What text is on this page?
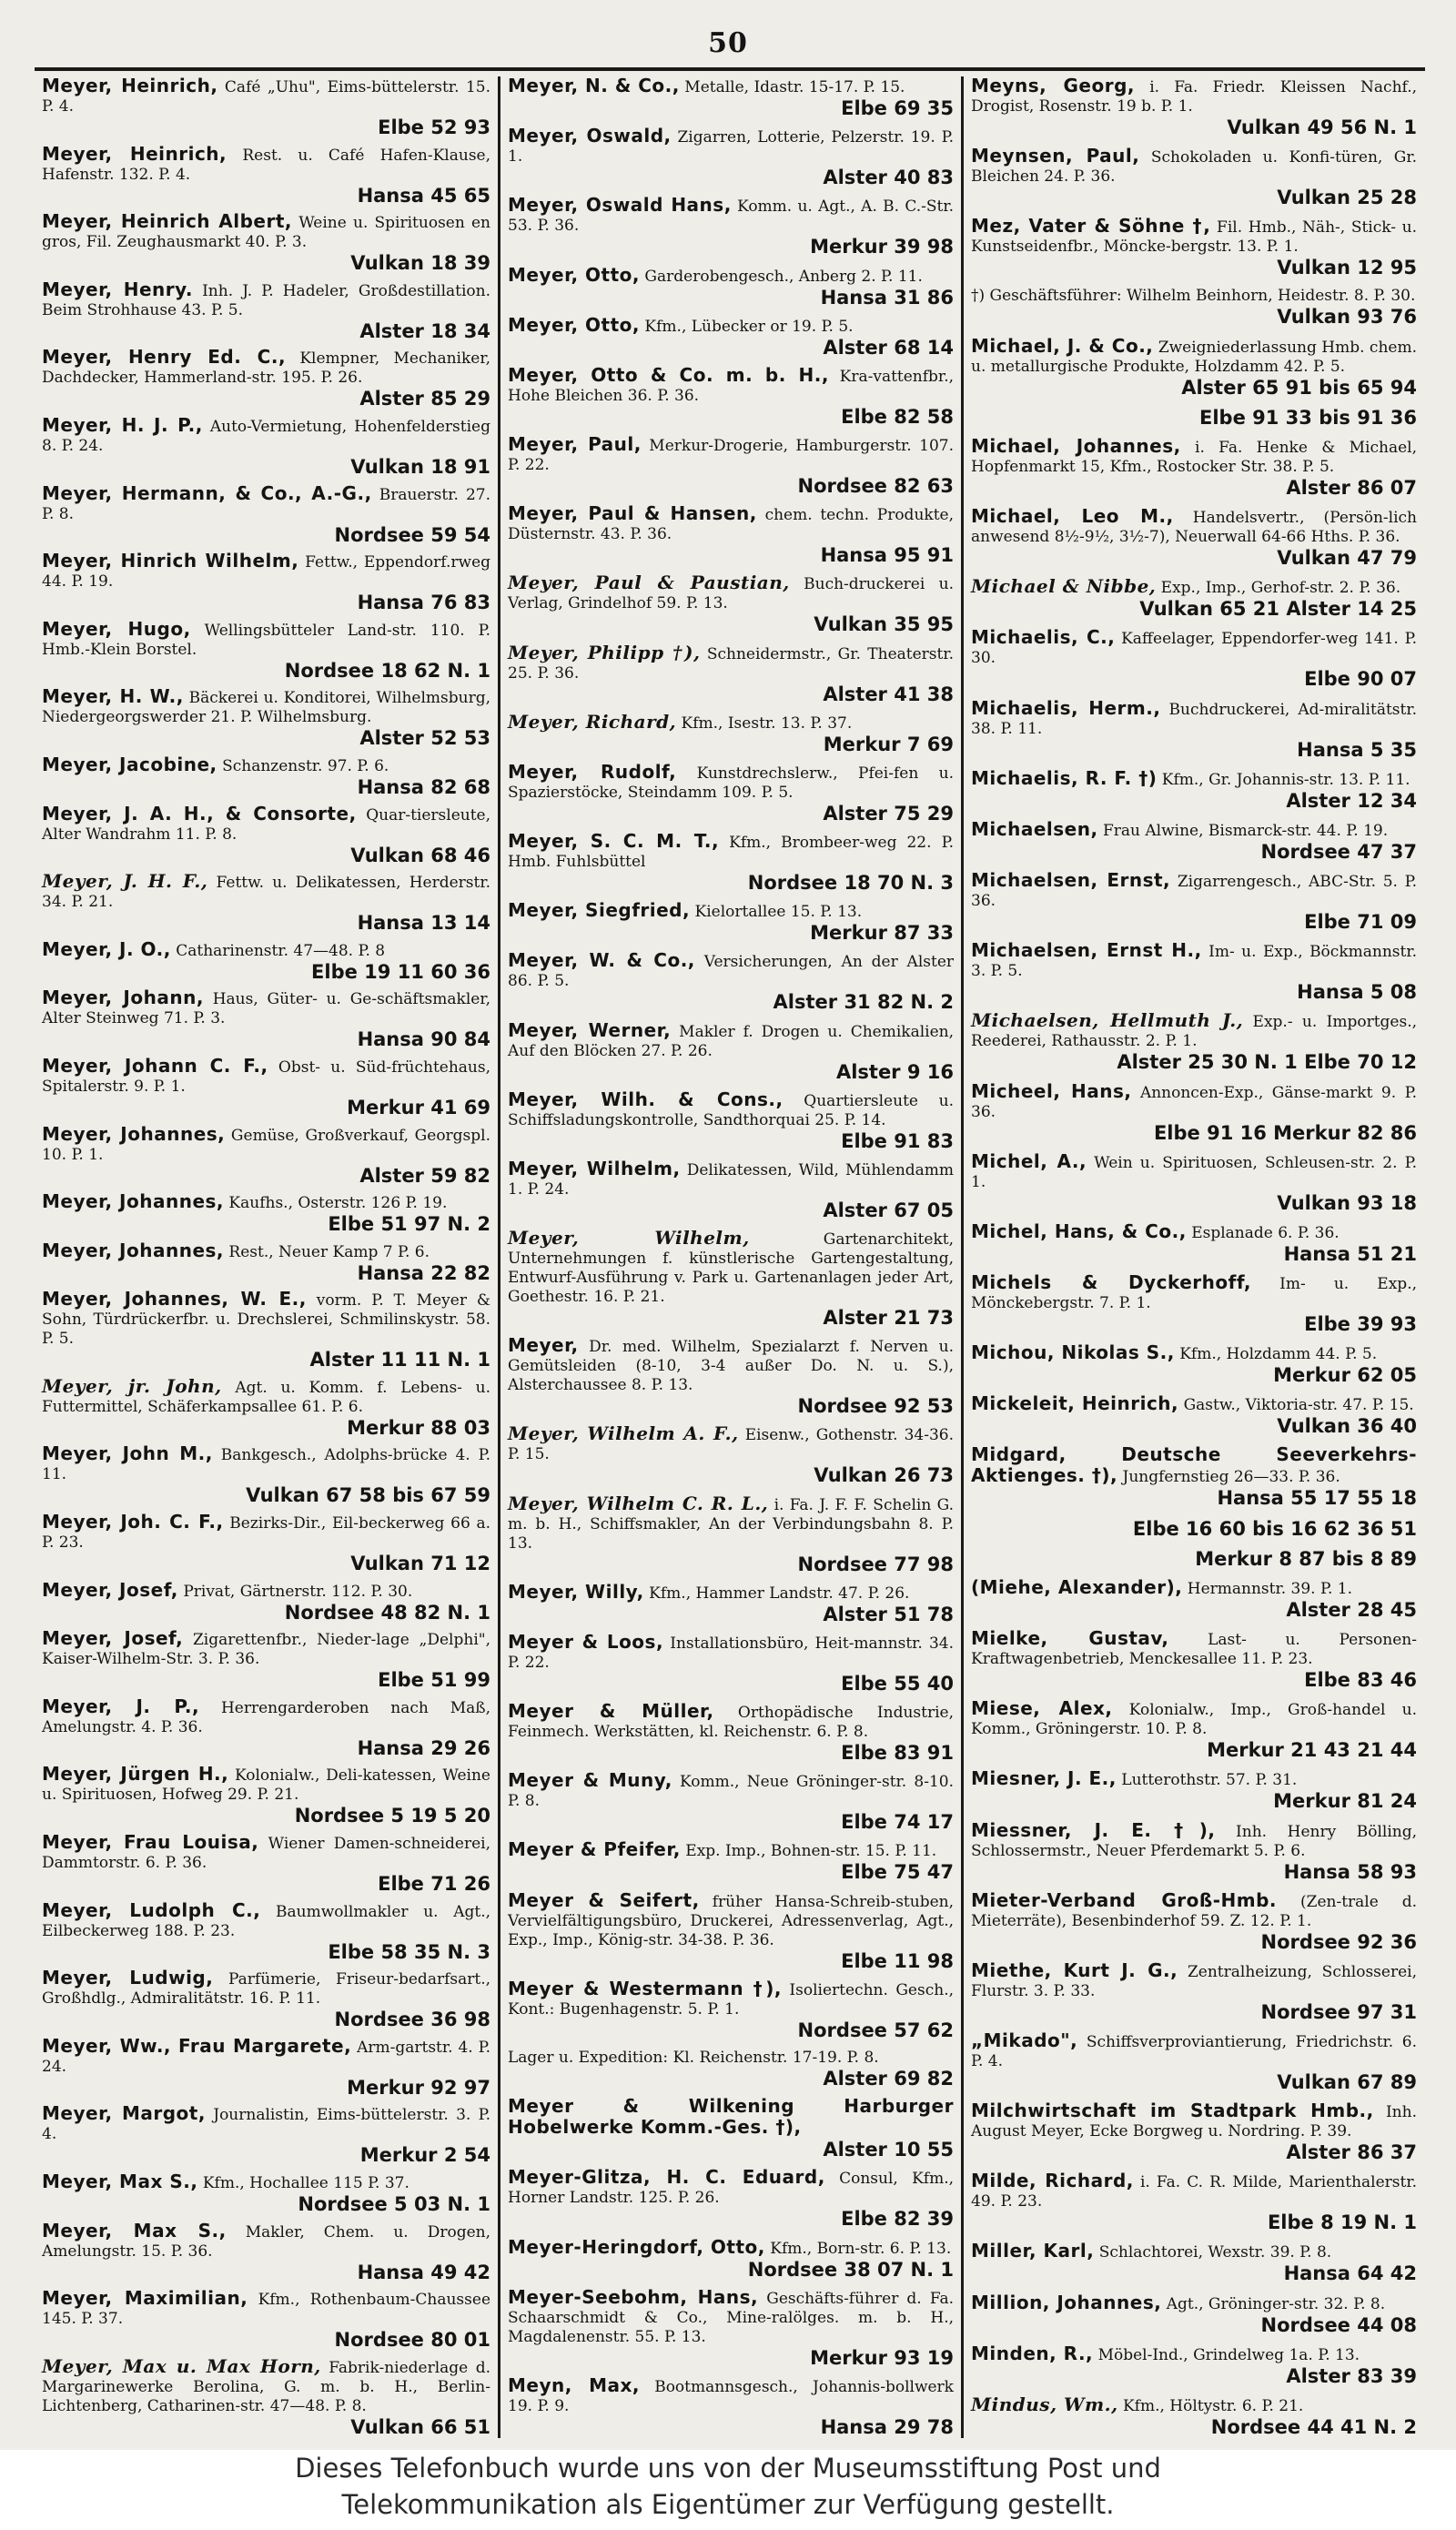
50
Meyer, Heinrich, Café „Uhu", Eims-büttelerstr. 15. P. 4.
Elbe 52 93
Meyer, Heinrich, Rest. u. Café Hafen-Klause, Hafenstr. 132. P. 4.
Hansa 45 65
Meyer, Heinrich Albert, Weine u. Spirituosen en gros, Fil. Zeughausmarkt 40. P. 3.
Vulkan 18 39
Meyer, Henry. Inh. J. P. Hadeler, Großdestillation. Beim Strohhause 43. P. 5.
Alster 18 34
Meyer, Henry Ed. C., Klempner, Mechaniker, Dachdecker, Hammerland-str. 195. P. 26.
Alster 85 29
Meyer, H. J. P., Auto-Vermietung, Hohenfelderstieg 8. P. 24.
Vulkan 18 91
Meyer, Hermann, & Co., A.-G., Brauerstr. 27. P. 8.
Nordsee 59 54
Meyer, Hinrich Wilhelm, Fettw., Eppendorf.rweg 44. P. 19.
Hansa 76 83
Meyer, Hugo, Wellingsbütteler Land-str. 110. P. Hmb.-Klein Borstel.
Nordsee 18 62 N. 1
Meyer, H. W., Bäckerei u. Konditorei, Wilhelmsburg, Niedergeorgswerder 21. P. Wilhelmsburg.
Alster 52 53
Meyer, Jacobine, Schanzenstr. 97. P. 6.
Hansa 82 68
Meyer, J. A. H., & Consorte, Quar-tiersleute, Alter Wandrahm 11. P. 8.
Vulkan 68 46
Meyer, J. H. F., Fettw. u. Delikatessen, Herderstr. 34. P. 21.
Hansa 13 14
Meyer, J. O., Catharinenstr. 47—48. P. 8
Elbe 19 11 60 36
Meyer, Johann, Haus, Güter- u. Ge-schäftsmakler, Alter Steinweg 71. P. 3.
Hansa 90 84
Meyer, Johann C. F., Obst- u. Süd-früchtehaus, Spitalerstr. 9. P. 1.
Merkur 41 69
Meyer, Johannes, Gemüse, Großverkauf, Georgspl. 10. P. 1.
Alster 59 82
Meyer, Johannes, Kaufhs., Osterstr. 126 P. 19.
Elbe 51 97 N. 2
Meyer, Johannes, Rest., Neuer Kamp 7 P. 6.
Hansa 22 82
Meyer, Johannes, W. E., vorm. P. T. Meyer & Sohn, Türdrückerfbr. u. Drechslerei, Schmilinskystr. 58. P. 5.
Alster 11 11 N. 1
Meyer, jr. John, Agt. u. Komm. f. Lebens- u. Futtermittel, Schäferkampsallee 61. P. 6.
Merkur 88 03
Meyer, John M., Bankgesch., Adolphs-brücke 4. P. 11.
Vulkan 67 58 bis 67 59
Meyer, Joh. C. F., Bezirks-Dir., Eil-beckerweg 66 a. P. 23.
Vulkan 71 12
Meyer, Josef, Privat, Gärtnerstr. 112. P. 30.
Nordsee 48 82 N. 1
Meyer, Josef, Zigarettenfbr., Nieder-lage „Delphi", Kaiser-Wilhelm-Str. 3. P. 36.
Elbe 51 99
Meyer, J. P., Herrengarderoben nach Maß, Amelungstr. 4. P. 36.
Hansa 29 26
Meyer, Jürgen H., Kolonialw., Deli-katessen, Weine u. Spirituosen, Hofweg 29. P. 21.
Nordsee 5 19 5 20
Meyer, Frau Louisa, Wiener Damen-schneiderei, Dammtorstr. 6. P. 36.
Elbe 71 26
Meyer, Ludolph C., Baumwollmakler u. Agt., Eilbeckerweg 188. P. 23.
Elbe 58 35 N. 3
Meyer, Ludwig, Parfümerie, Friseur-bedarfsart., Großhdlg., Admiralitätstr. 16. P. 11.
Nordsee 36 98
Meyer, Ww., Frau Margarete, Arm-gartstr. 4. P. 24.
Merkur 92 97
Meyer, Margot, Journalistin, Eims-büttelerstr. 3. P. 4.
Merkur 2 54
Meyer, Max S., Kfm., Hochallee 115 P. 37.
Nordsee 5 03 N. 1
Meyer, Max S., Makler, Chem. u. Drogen, Amelungstr. 15. P. 36.
Hansa 49 42
Meyer, Maximilian, Kfm., Rothenbaum-Chaussee 145. P. 37.
Nordsee 80 01
Meyer, Max u. Max Horn, Fabrik-niederlage d. Margarinewerke Berolina, G. m. b. H., Berlin-Lichtenberg, Catharinen-str. 47—48. P. 8.
Vulkan 66 51
Meyer, N. & Co., Metalle, Idastr. 15-17. P. 15.
Elbe 69 35
Meyer, Oswald, Zigarren, Lotterie, Pelzerstr. 19. P. 1.
Alster 40 83
Meyer, Oswald Hans, Komm. u. Agt., A. B. C.-Str. 53. P. 36.
Merkur 39 98
Meyer, Otto, Garderobengesch., Anberg 2. P. 11.
Hansa 31 86
Meyer, Otto, Kfm., Lübecker or 19. P. 5.
Alster 68 14
Meyer, Otto & Co. m. b. H., Kra-vattenfbr., Hohe Bleichen 36. P. 36.
Elbe 82 58
Meyer, Paul, Merkur-Drogerie, Hamburgerstr. 107. P. 22.
Nordsee 82 63
Meyer, Paul & Hansen, chem. techn. Produkte, Düsternstr. 43. P. 36.
Hansa 95 91
Meyer, Paul & Paustian, Buch-druckerei u. Verlag, Grindelhof 59. P. 13.
Vulkan 35 95
Meyer, Philipp †), Schneidermstr., Gr. Theaterstr. 25. P. 36.
Alster 41 38
Meyer, Richard, Kfm., Isestr. 13. P. 37.
Merkur 7 69
Meyer, Rudolf, Kunstdrechslerw., Pfei-fen u. Spazierstöcke, Steindamm 109. P. 5.
Alster 75 29
Meyer, S. C. M. T., Kfm., Brombeer-weg 22. P. Hmb. Fuhlsbüttel
Nordsee 18 70 N. 3
Meyer, Siegfried, Kielortallee 15. P. 13.
Merkur 87 33
Meyer, W. & Co., Versicherungen, An der Alster 86. P. 5.
Alster 31 82 N. 2
Meyer, Werner, Makler f. Drogen u. Chemikalien, Auf den Blöcken 27. P. 26.
Alster 9 16
Meyer, Wilh. & Cons., Quartiersleute u. Schiffsladungskontrolle, Sandthorquai 25. P. 14.
Elbe 91 83
Meyer, Wilhelm, Delikatessen, Wild, Mühlendamm 1. P. 24.
Alster 67 05
Meyer, Wilhelm,	Gartenarchitekt, Unternehmungen f. künstlerische Gartengestaltung, Entwurf-Ausführung v. Park u. Gartenanlagen jeder Art, Goethestr. 16. P. 21.
Alster 21 73
Meyer, Dr. med. Wilhelm, Spezialarzt f. Nerven u. Gemütsleiden (8-10, 3-4 außer Do. N. u. S.), Alsterchaussee 8. P. 13.
Nordsee 92 53
Meyer, Wilhelm A. F., Eisenw., Gothenstr. 34-36. P. 15.
Vulkan 26 73
Meyer, Wilhelm C. R. L., i. Fa. J. F. F. Schelin G. m. b. H., Schiffsmakler, An der Verbindungsbahn 8. P. 13.
Nordsee 77 98
Meyer, Willy, Kfm., Hammer Landstr. 47. P. 26.
Alster 51 78
Meyer & Loos, Installationsbüro, Heit-mannstr. 34. P. 22.
Elbe 55 40
Meyer & Müller, Orthopädische Industrie, Feinmech. Werkstätten, kl. Reichenstr. 6. P. 8.
Elbe 83 91
Meyer & Muny, Komm., Neue Gröninger-str. 8-10. P. 8.
Elbe 74 17
Meyer & Pfeifer, Exp. Imp., Bohnen-str. 15. P. 11.
Elbe 75 47
Meyer & Seifert, früher Hansa-Schreib-stuben, Vervielfältigungsbüro, Druckerei, Adressenverlag, Agt., Exp., Imp., König-str. 34-38. P. 36.
Elbe 11 98
Meyer & Westermann †), Isoliertechn. Gesch., Kont.: Bugenhagenstr. 5. P. 1.
Nordsee 57 62
Lager u. Expedition: Kl. Reichenstr. 17-19. P. 8.
Alster 69 82
Meyer & Wilkening Harburger Hobelwerke Komm.-Ges. †),
Alster 10 55
Meyer-Glitza, H. C. Eduard, Consul, Kfm., Horner Landstr. 125. P. 26.
Elbe 82 39
Meyer-Heringdorf, Otto, Kfm., Born-str. 6. P. 13.
Nordsee 38 07 N. 1
Meyer-Seebohm, Hans, Geschäfts-führer d. Fa. Schaarschmidt & Co., Mine-ralölges. m. b. H., Magdalenenstr. 55. P. 13.
Merkur 93 19
Meyn, Max, Bootmannsgesch., Johannis-bollwerk 19. P. 9.
Hansa 29 78
Meyns, Georg, i. Fa. Friedr. Kleissen Nachf., Drogist, Rosenstr. 19 b. P. 1.
Vulkan 49 56 N. 1
Meynsen, Paul, Schokoladen u. Konfi-türen, Gr. Bleichen 24. P. 36.
Vulkan 25 28
Mez, Vater & Söhne †, Fil. Hmb., Näh-, Stick- u. Kunstseidenfbr., Möncke-bergstr. 13. P. 1.
Vulkan 12 95
†) Geschäftsführer: Wilhelm Beinhorn, Heidestr. 8. P. 30.
Vulkan 93 76
Michael, J. & Co., Zweigniederlassung Hmb. chem. u. metallurgische Produkte, Holzdamm 42. P. 5.
Alster 65 91 bis 65 94
Elbe 91 33 bis 91 36
Michael, Johannes, i. Fa. Henke & Michael, Hopfenmarkt 15, Kfm., Rostocker Str. 38. P. 5.
Alster 86 07
Michael, Leo M., Handelsvertr., (Persön-lich anwesend 8½-9½, 3½-7), Neuerwall 64-66 Hths. P. 36.
Vulkan 47 79
Michael & Nibbe, Exp., Imp., Gerhof-str. 2. P. 36.
Vulkan 65 21 Alster 14 25
Michaelis, C., Kaffeelager, Eppendorfer-weg 141. P. 30.
Elbe 90 07
Michaelis, Herm., Buchdruckerei, Ad-miralitätstr. 38. P. 11.
Hansa 5 35
Michaelis, R. F. †) Kfm., Gr. Johannis-str. 13. P. 11.
Alster 12 34
Michaelsen, Frau Alwine, Bismarck-str. 44. P. 19.
Nordsee 47 37
Michaelsen, Ernst, Zigarrengesch., ABC-Str. 5. P. 36.
Elbe 71 09
Michaelsen, Ernst H., Im- u. Exp., Böckmannstr. 3. P. 5.
Hansa 5 08
Michaelsen, Hellmuth J., Exp.- u. Importges., Reederei, Rathausstr. 2. P. 1.
Alster 25 30 N. 1 Elbe 70 12
Micheel, Hans, Annoncen-Exp., Gänse-markt 9. P. 36.
Elbe 91 16 Merkur 82 86
Michel, A., Wein u. Spirituosen, Schleusen-str. 2. P. 1.
Vulkan 93 18
Michel, Hans, & Co., Esplanade 6. P. 36.
Hansa 51 21
Michels & Dyckerhoff, Im- u. Exp., Mönckebergstr. 7. P. 1.
Elbe 39 93
Michou, Nikolas S., Kfm., Holzdamm 44. P. 5.
Merkur 62 05
Mickeleit, Heinrich, Gastw., Viktoria-str. 47. P. 15.
Vulkan 36 40
Midgard, Deutsche Seeverkehrs-Aktienges. †), Jungfernstieg 26—33. P. 36.
Hansa 55 17 55 18
Elbe 16 60 bis 16 62 36 51
Merkur 8 87 bis 8 89
(Miehe, Alexander), Hermannstr. 39. P. 1.
Alster 28 45
Mielke, Gustav,	Last- u. Personen-Kraftwagenbetrieb, Menckesallee 11. P. 23.
Elbe 83 46
Miese, Alex, Kolonialw., Imp., Groß-handel u. Komm., Gröningerstr. 10. P. 8.
Merkur 21 43 21 44
Miesner, J. E., Lutterothstr. 57. P. 31.
Merkur 81 24
Miessner, J. E. †), Inh. Henry Bölling, Schlossermstr., Neuer Pferdemarkt 5. P. 6.
Hansa 58 93
Mieter-Verband Groß-Hmb. (Zen-trale d. Mieterräte), Besenbinderhof 59. Z. 12. P. 1.
Nordsee 92 36
Miethe, Kurt J. G., Zentralheizung, Schlosserei, Flurstr. 3. P. 33.
Nordsee 97 31
„Mikado", Schiffsverproviantierung, Friedrichstr. 6. P. 4.
Vulkan 67 89
Milchwirtschaft im Stadtpark Hmb., Inh. August Meyer, Ecke Borgweg u. Nordring. P. 39.
Alster 86 37
Milde, Richard, i. Fa. C. R. Milde, Marienthalerstr. 49. P. 23.
Elbe 8 19 N. 1
Miller, Karl, Schlachtorei, Wexstr. 39. P. 8.
Hansa 64 42
Million, Johannes, Agt., Gröninger-str. 32. P. 8.
Nordsee 44 08
Minden, R., Möbel-Ind., Grindelweg 1a. P. 13.
Alster 83 39
Mindus, Wm., Kfm., Höltystr. 6. P. 21.
Nordsee 44 41 N. 2
Dieses Telefonbuch wurde uns von der Museumsstiftung Post und
Telekommunikation als Eigentümer zur Verfügung gestellt.
